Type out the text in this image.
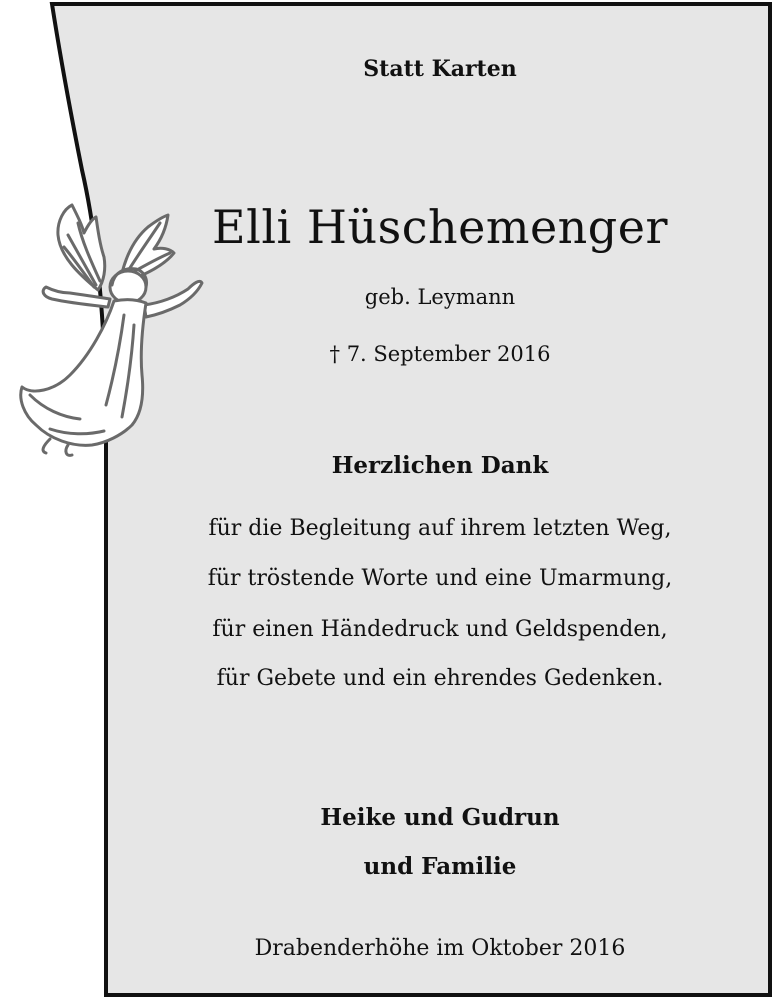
Statt Karten

Elli Hüschemenger

geb. Leymann

† 7. September 2016

Herzlichen Dank

für die Begleitung auf ihrem letzten Weg,

für tröstende Worte und eine Umarmung,

für einen Händedruck und Geldspenden,

für Gebete und ein ehrendes Gedenken.

Heike und Gudrun

und Familie

Drabenderhöhe im Oktober 2016
